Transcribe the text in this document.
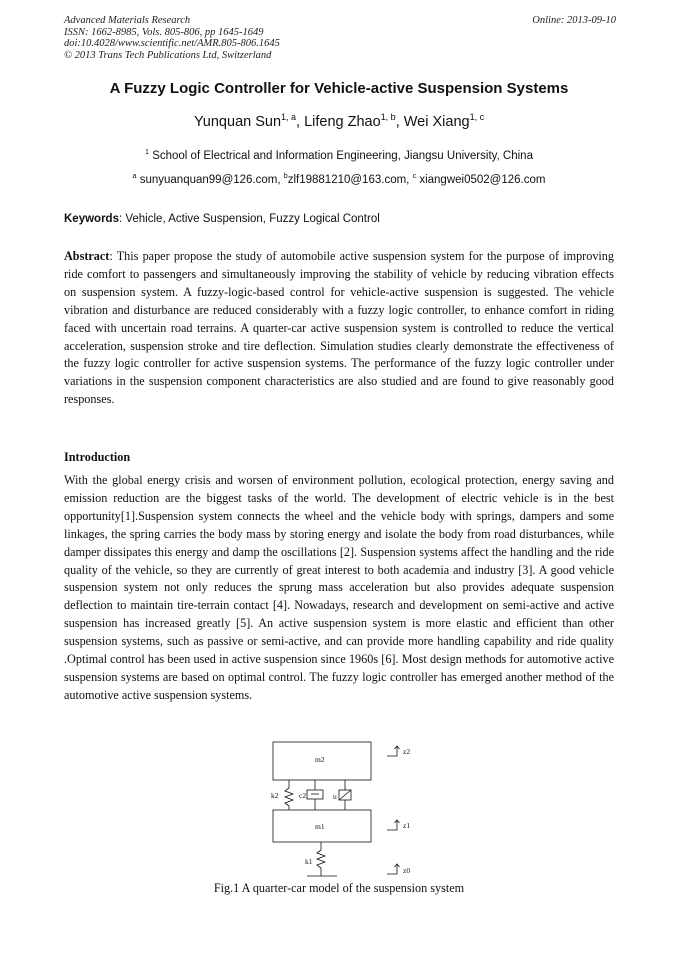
Advanced Materials Research
ISSN: 1662-8985, Vols. 805-806, pp 1645-1649
doi:10.4028/www.scientific.net/AMR.805-806.1645
© 2013 Trans Tech Publications Ltd, Switzerland
Online: 2013-09-10
A Fuzzy Logic Controller for Vehicle-active Suspension Systems
Yunquan Sun$^{1, a}$, Lifeng Zhao$^{1, b}$, Wei Xiang$^{1, c}$
$^1$ School of Electrical and Information Engineering, Jiangsu University, China
$^a$ sunyuanquan99@126.com, $^b$zlf19881210@163.com, $^c$ xiangwei0502@126.com
Keywords: Vehicle, Active Suspension, Fuzzy Logical Control
Abstract: This paper propose the study of automobile active suspension system for the purpose of improving ride comfort to passengers and simultaneously improving the stability of vehicle by reducing vibration effects on suspension system. A fuzzy-logic-based control for vehicle-active suspension is suggested. The vehicle vibration and disturbance are reduced considerably with a fuzzy logic controller, to enhance comfort in riding faced with uncertain road terrains. A quarter-car active suspension system is controlled to reduce the vertical acceleration, suspension stroke and tire deflection. Simulation studies clearly demonstrate the effectiveness of the fuzzy logic controller for active suspension systems. The performance of the fuzzy logic controller under variations in the suspension component characteristics are also studied and are found to give reasonably good responses.
Introduction
With the global energy crisis and worsen of environment pollution, ecological protection, energy saving and emission reduction are the biggest tasks of the world. The development of electric vehicle is in the best opportunity[1].Suspension system connects the wheel and the vehicle body with springs, dampers and some linkages, the spring carries the body mass by storing energy and isolate the body from road disturbances, while damper dissipates this energy and damp the oscillations [2]. Suspension systems affect the handling and the ride quality of the vehicle, so they are currently of great interest to both academia and industry [3]. A good vehicle suspension system not only reduces the sprung mass acceleration but also provides adequate suspension deflection to maintain tire-terrain contact [4]. Nowadays, research and development on semi-active and active suspension has increased greatly [5]. An active suspension system is more elastic and efficient than other suspension systems, such as passive or semi-active, and can provide more handling capability and ride quality .Optimal control has been used in active suspension since 1960s [6]. Most design methods for automotive active suspension systems are based on optimal control. The fuzzy logic controller has emerged another method of the automotive active suspension systems.
m2
m1
k2	c2	u
k1
z2
z1
z0
Fig.1 A quarter-car model of the suspension system
